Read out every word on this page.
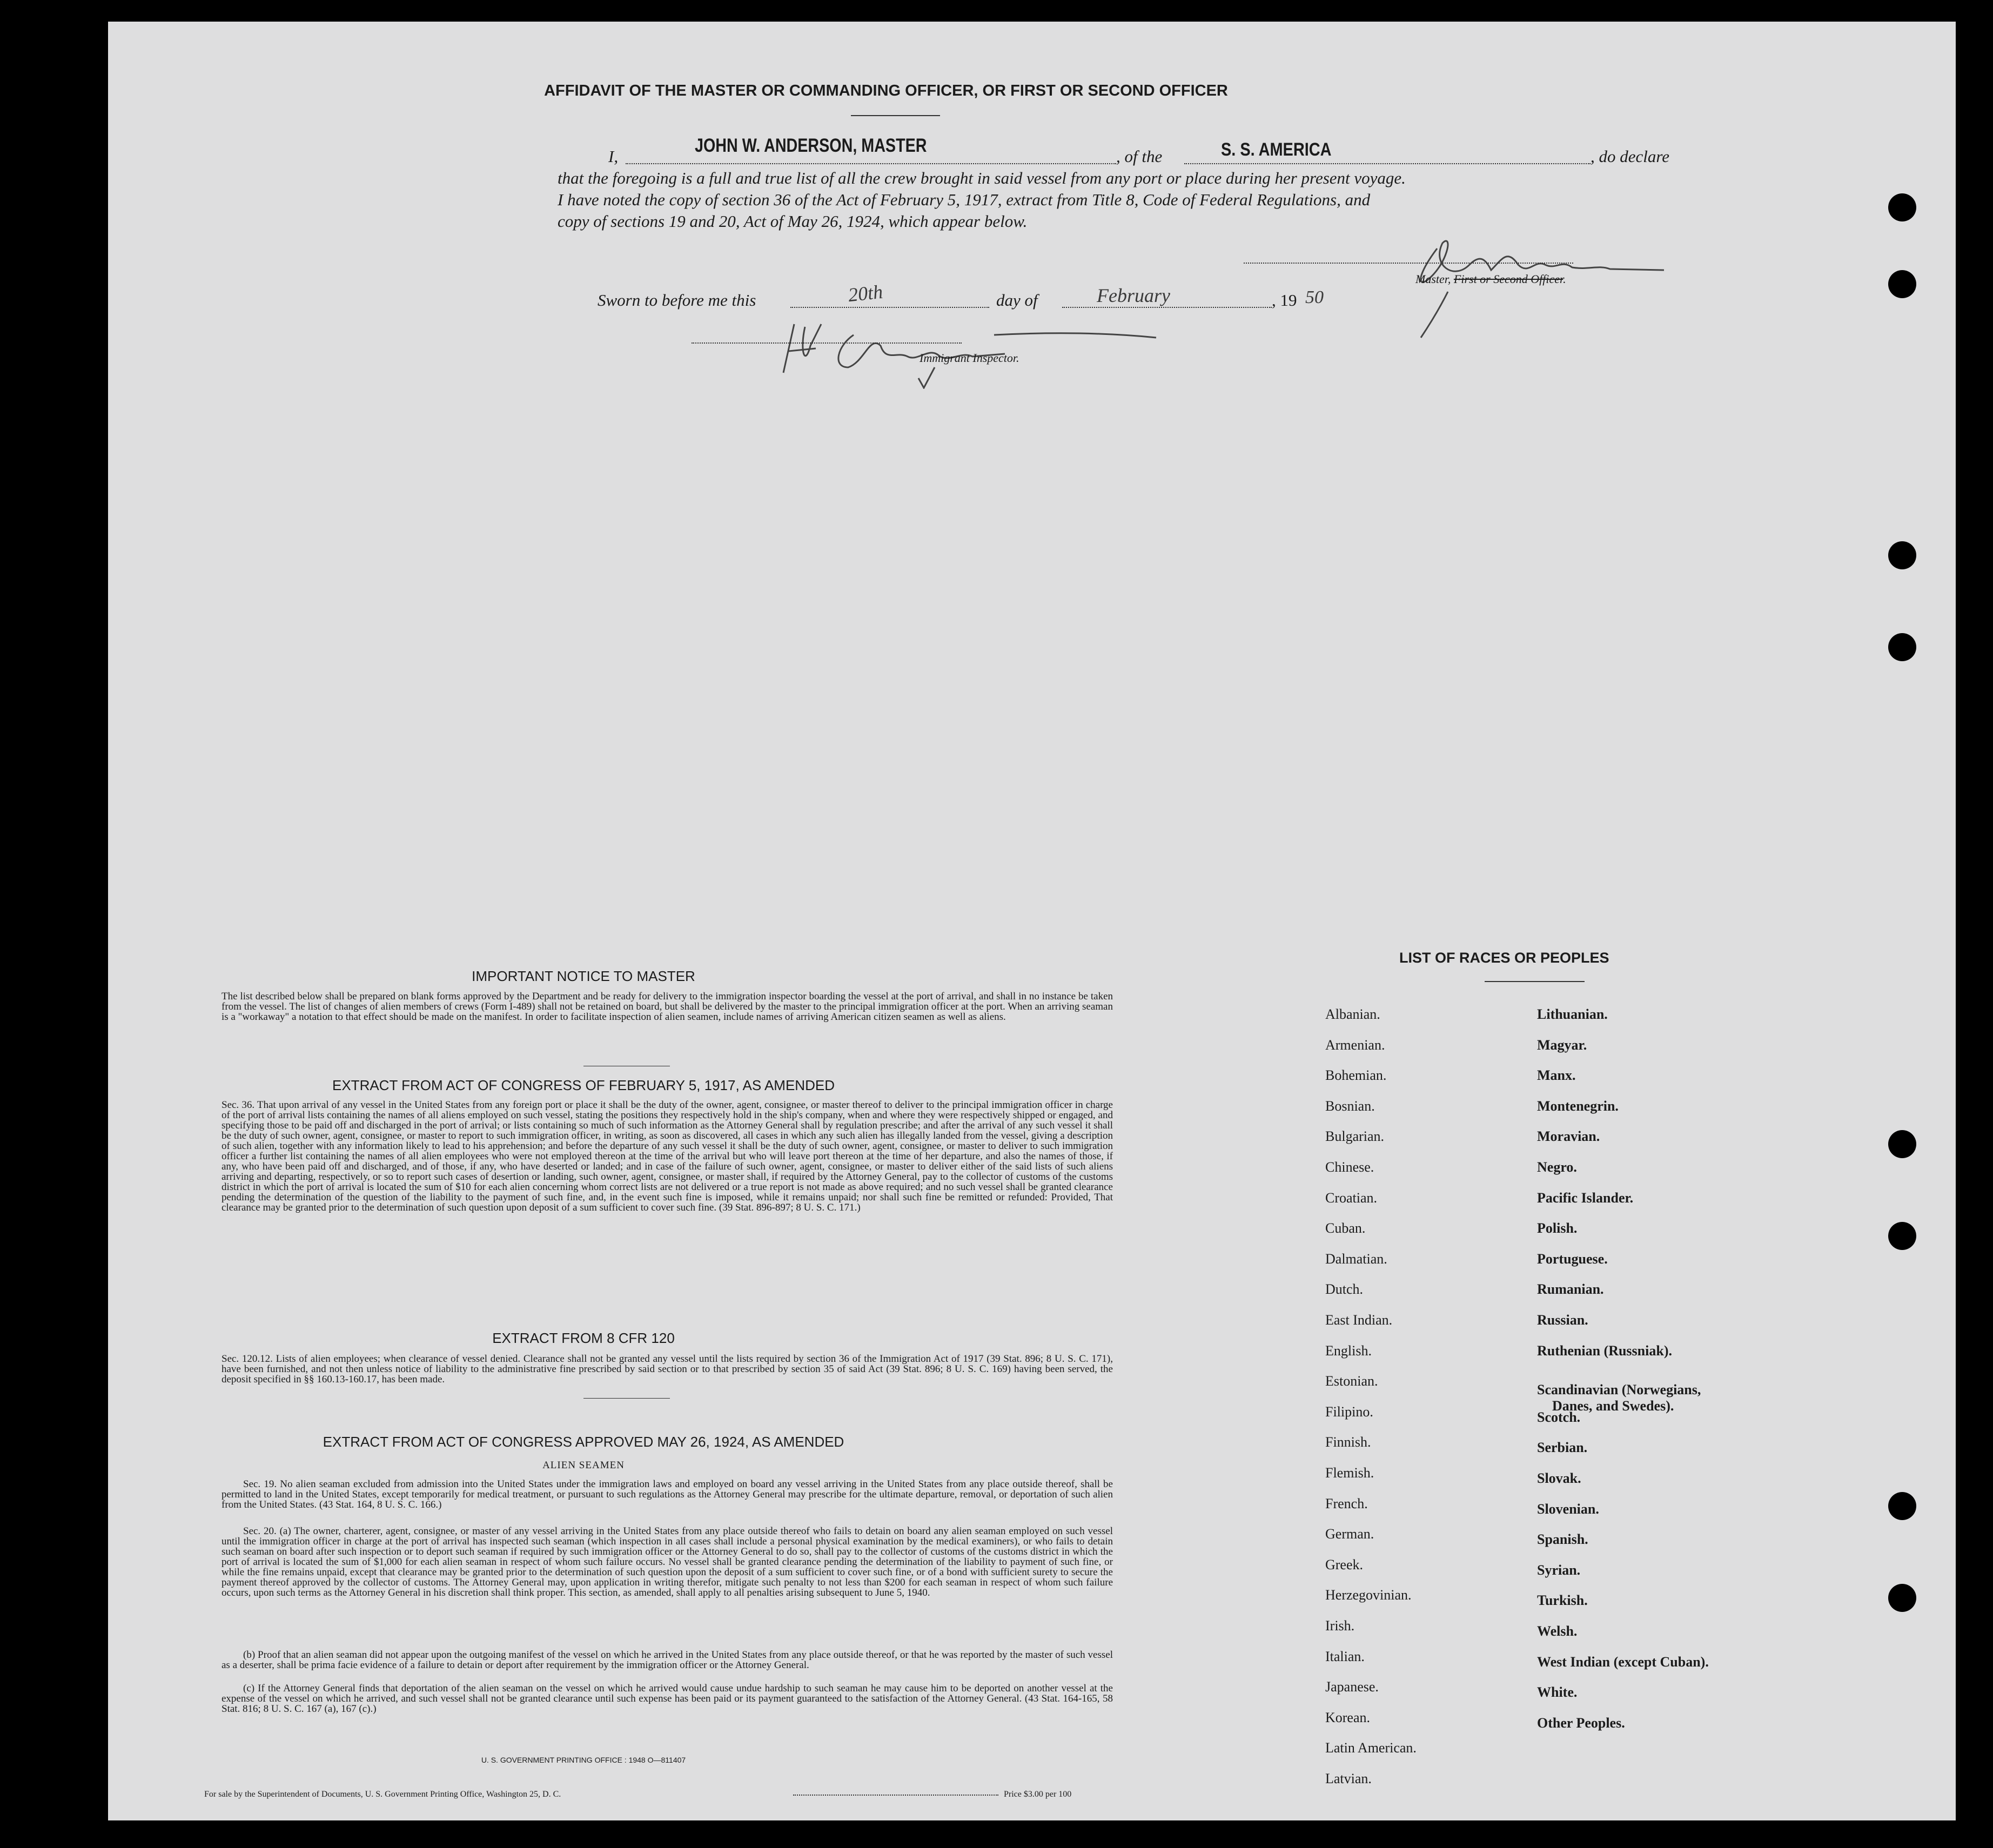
AFFIDAVIT OF THE MASTER OR COMMANDING OFFICER, OR FIRST OR SECOND OFFICER
I,
JOHN W. ANDERSON, MASTER
, of the	S. S. AMERICA	, do declare
that the foregoing is a full and true list of all the crew brought in said vessel from any port or place during her present voyage.
I have noted the copy of section 36 of the Act of February 5, 1917, extract from Title 8, Code of Federal Regulations, and
copy of sections 19 and 20, Act of May 26, 1924, which appear below.
Master, First or Second Officer.
Sworn to before me this	20th	day of	February	, 19 50
Immigrant Inspector.
IMPORTANT NOTICE TO MASTER
The list described below shall be prepared on blank forms approved by the Department and be ready for delivery to the immigration inspector boarding the vessel at the port of arrival, and shall in no instance be taken from the vessel. The list of changes of alien members of crews (Form I-489) shall not be retained on board, but shall be delivered by the master to the principal immigration officer at the port. When an arriving seaman is a "workaway" a notation to that effect should be made on the manifest. In order to facilitate inspection of alien seamen, include names of arriving American citizen seamen as well as aliens.
EXTRACT FROM ACT OF CONGRESS OF FEBRUARY 5, 1917, AS AMENDED
Sec. 36. That upon arrival of any vessel in the United States from any foreign port or place it shall be the duty of the owner, agent, consignee, or master thereof to deliver to the principal immigration officer in charge of the port of arrival lists containing the names of all aliens employed on such vessel, stating the positions they respectively hold in the ship's company, when and where they were respectively shipped or engaged, and specifying those to be paid off and discharged in the port of arrival; or lists containing so much of such information as the Attorney General shall by regulation prescribe; and after the arrival of any such vessel it shall be the duty of such owner, agent, consignee, or master to report to such immigration officer, in writing, as soon as discovered, all cases in which any such alien has illegally landed from the vessel, giving a description of such alien, together with any information likely to lead to his apprehension; and before the departure of any such vessel it shall be the duty of such owner, agent, consignee, or master to deliver to such immigration officer a further list containing the names of all alien employees who were not employed thereon at the time of the arrival but who will leave port thereon at the time of her departure, and also the names of those, if any, who have been paid off and discharged, and of those, if any, who have deserted or landed; and in case of the failure of such owner, agent, consignee, or master to deliver either of the said lists of such aliens arriving and departing, respectively, or so to report such cases of desertion or landing, such owner, agent, consignee, or master shall, if required by the Attorney General, pay to the collector of customs of the customs district in which the port of arrival is located the sum of $10 for each alien concerning whom correct lists are not delivered or a true report is not made as above required; and no such vessel shall be granted clearance pending the determination of the question of the liability to the payment of such fine, and, in the event such fine is imposed, while it remains unpaid; nor shall such fine be remitted or refunded: Provided, That clearance may be granted prior to the determination of such question upon deposit of a sum sufficient to cover such fine. (39 Stat. 896-897; 8 U. S. C. 171.)
EXTRACT FROM 8 CFR 120
Sec. 120.12. Lists of alien employees; when clearance of vessel denied. Clearance shall not be granted any vessel until the lists required by section 36 of the Immigration Act of 1917 (39 Stat. 896; 8 U. S. C. 171), have been furnished, and not then unless notice of liability to the administrative fine prescribed by said section or to that prescribed by section 35 of said Act (39 Stat. 896; 8 U. S. C. 169) having been served, the deposit specified in §§ 160.13-160.17, has been made.
EXTRACT FROM ACT OF CONGRESS APPROVED MAY 26, 1924, AS AMENDED
ALIEN SEAMEN
Sec. 19. No alien seaman excluded from admission into the United States under the immigration laws and employed on board any vessel arriving in the United States from any place outside thereof, shall be permitted to land in the United States, except temporarily for medical treatment, or pursuant to such regulations as the Attorney General may prescribe for the ultimate departure, removal, or deportation of such alien from the United States. (43 Stat. 164, 8 U. S. C. 166.)
Sec. 20. (a) The owner, charterer, agent, consignee, or master of any vessel arriving in the United States from any place outside thereof who fails to detain on board any alien seaman employed on such vessel until the immigration officer in charge at the port of arrival has inspected such seaman (which inspection in all cases shall include a personal physical examination by the medical examiners), or who fails to detain such seaman on board after such inspection or to deport such seaman if required by such immigration officer or the Attorney General to do so, shall pay to the collector of customs of the customs district in which the port of arrival is located the sum of $1,000 for each alien seaman in respect of whom such failure occurs. No vessel shall be granted clearance pending the determination of the liability to payment of such fine, or while the fine remains unpaid, except that clearance may be granted prior to the determination of such question upon the deposit of a sum sufficient to cover such fine, or of a bond with sufficient surety to secure the payment thereof approved by the collector of customs. The Attorney General may, upon application in writing therefor, mitigate such penalty to not less than $200 for each seaman in respect of whom such failure occurs, upon such terms as the Attorney General in his discretion shall think proper. This section, as amended, shall apply to all penalties arising subsequent to June 5, 1940.
(b) Proof that an alien seaman did not appear upon the outgoing manifest of the vessel on which he arrived in the United States from any place outside thereof, or that he was reported by the master of such vessel as a deserter, shall be prima facie evidence of a failure to detain or deport after requirement by the immigration officer or the Attorney General.
(c) If the Attorney General finds that deportation of the alien seaman on the vessel on which he arrived would cause undue hardship to such seaman he may cause him to be deported on another vessel at the expense of the vessel on which he arrived, and such vessel shall not be granted clearance until such expense has been paid or its payment guaranteed to the satisfaction of the Attorney General. (43 Stat. 164-165, 58 Stat. 816; 8 U. S. C. 167 (a), 167 (c).)
U. S. GOVERNMENT PRINTING OFFICE : 1948 O—811407
For sale by the Superintendent of Documents, U. S. Government Printing Office, Washington 25, D. C.	Price $3.00 per 100
LIST OF RACES OR PEOPLES
Albanian.
Armenian.
Bohemian.
Bosnian.
Bulgarian.
Chinese.
Croatian.
Cuban.
Dalmatian.
Dutch.
East Indian.
English.
Estonian.
Filipino.
Finnish.
Flemish.
French.
German.
Greek.
Herzegovinian.
Irish.
Italian.
Japanese.
Korean.
Latin American.
Latvian.
Lithuanian.
Magyar.
Manx.
Montenegrin.
Moravian.
Negro.
Pacific Islander.
Polish.
Portuguese.
Rumanian.
Russian.
Ruthenian (Russniak).
Scandinavian (Norwegians,
Danes, and Swedes).
Scotch.
Serbian.
Slovak.
Slovenian.
Spanish.
Syrian.
Turkish.
Welsh.
West Indian (except Cuban).
White.
Other Peoples.
